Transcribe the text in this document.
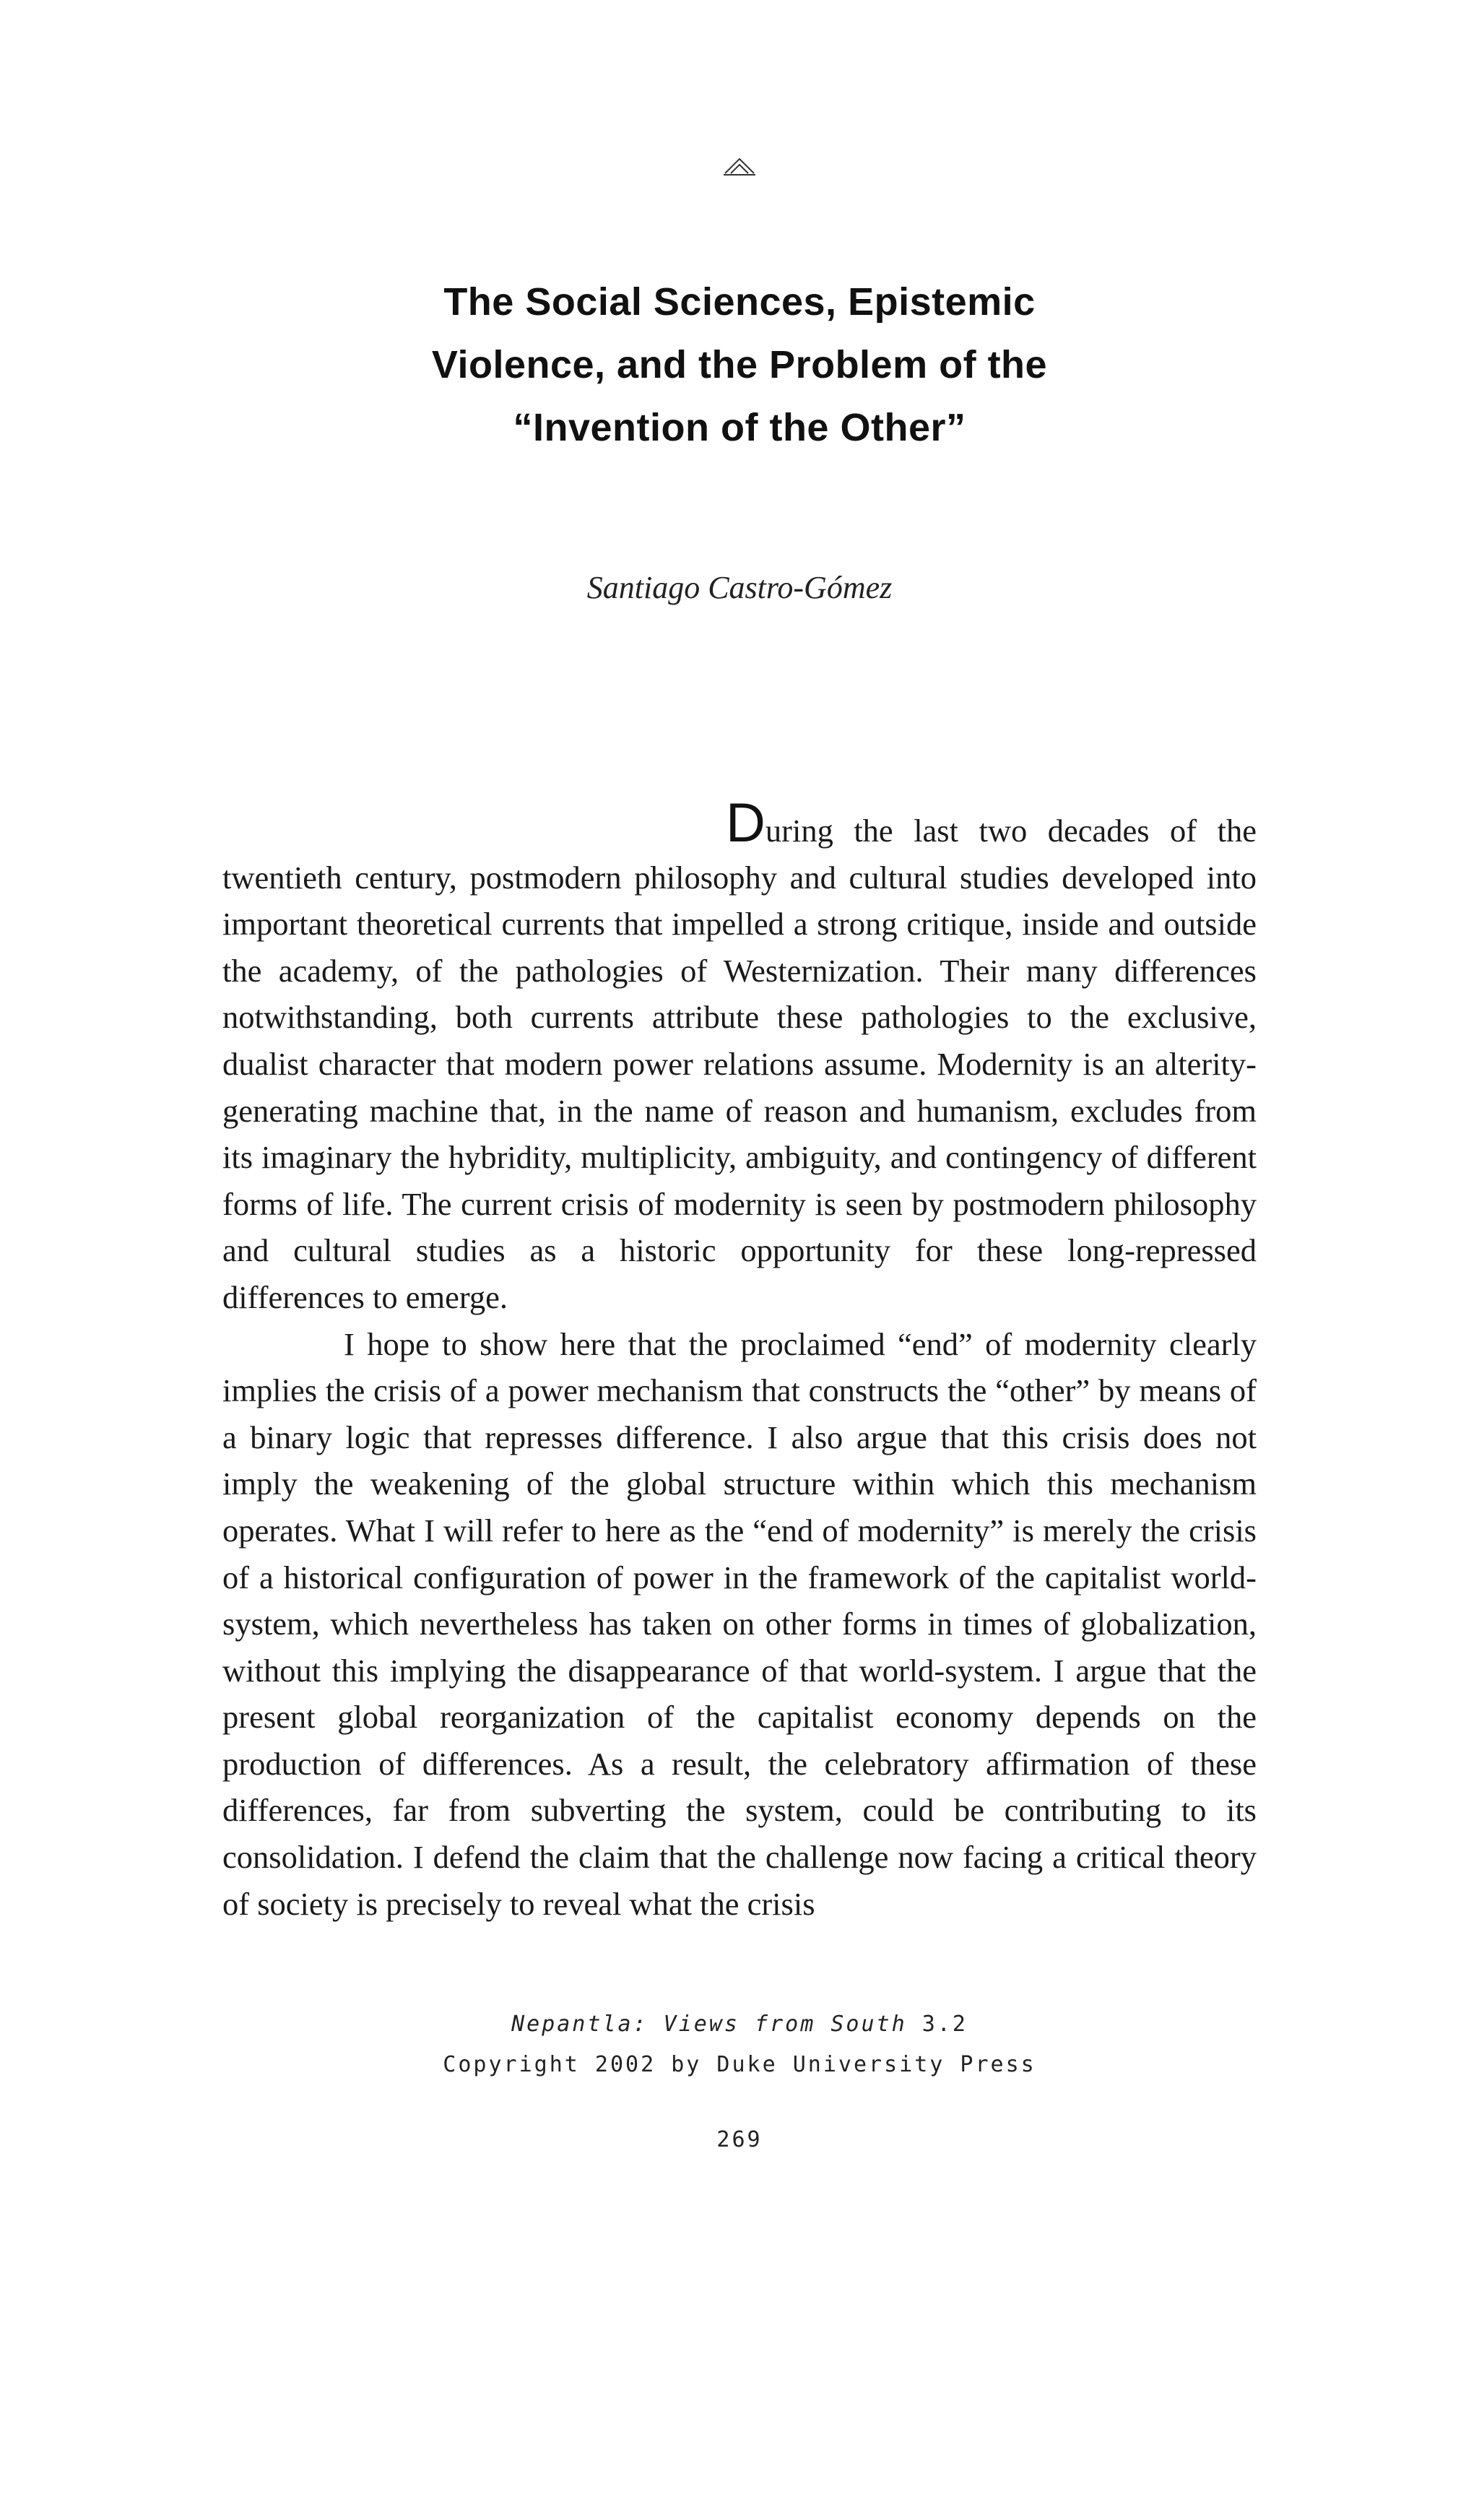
The Social Sciences, Epistemic
Violence, and the Problem of the
“Invention of the Other”

Santiago Castro-Gómez

During the last two decades of the twentieth century, postmodern philosophy and cultural studies developed into important theoretical currents that impelled a strong critique, inside and outside the academy, of the pathologies of Westernization. Their many differences notwithstanding, both currents attribute these pathologies to the exclusive, dualist character that modern power relations assume. Modernity is an alterity-generating machine that, in the name of reason and humanism, excludes from its imaginary the hybridity, multiplicity, ambiguity, and contingency of different forms of life. The current crisis of modernity is seen by postmodern philosophy and cultural studies as a historic opportunity for these long-repressed differences to emerge.

I hope to show here that the proclaimed “end” of modernity clearly implies the crisis of a power mechanism that constructs the “other” by means of a binary logic that represses difference. I also argue that this crisis does not imply the weakening of the global structure within which this mechanism operates. What I will refer to here as the “end of modernity” is merely the crisis of a historical configuration of power in the framework of the capitalist world-system, which nevertheless has taken on other forms in times of globalization, without this implying the disappearance of that world-system. I argue that the present global reorganization of the capitalist economy depends on the production of differences. As a result, the celebratory affirmation of these differences, far from subverting the system, could be contributing to its consolidation. I defend the claim that the challenge now facing a critical theory of society is precisely to reveal what the crisis

Nepantla: Views from South 3.2

Copyright 2002 by Duke University Press

269
